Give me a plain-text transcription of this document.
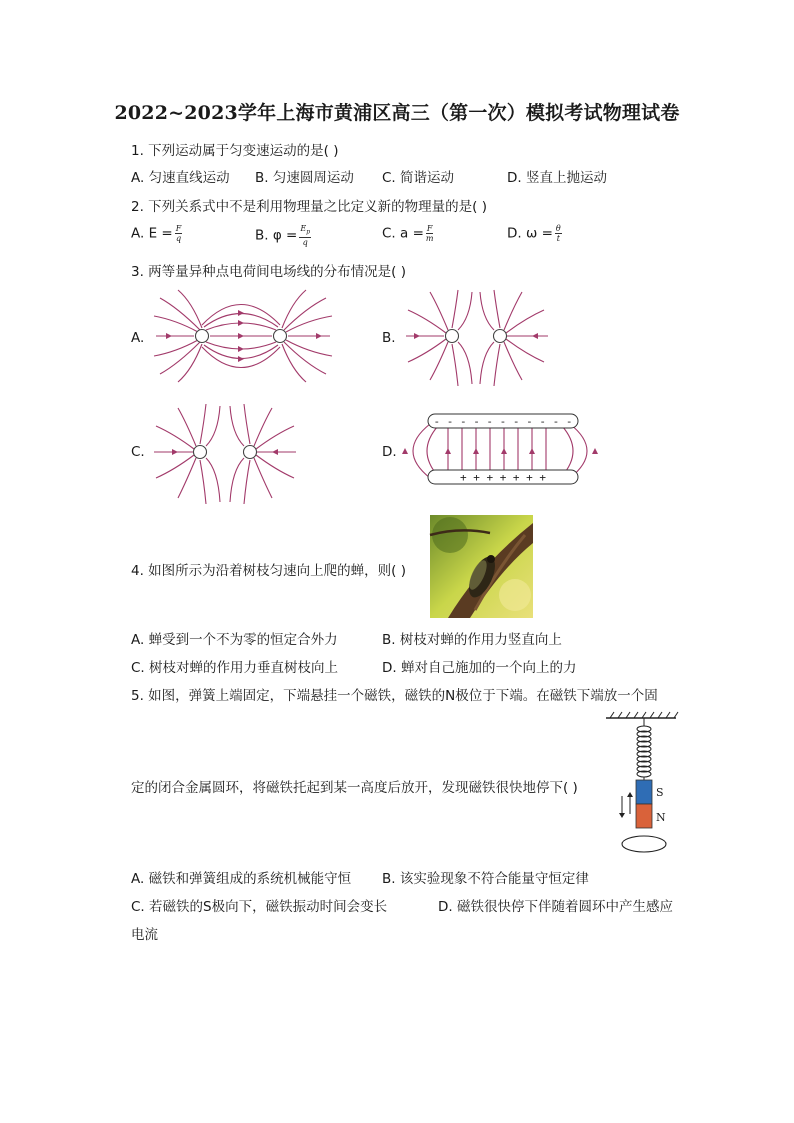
2022~2023学年上海市黄浦区高三（第一次）模拟考试物理试卷
1. 下列运动属于匀变速运动的是( )
A. 匀速直线运动 B. 匀速圆周运动 C. 简谐运动	D. 竖直上抛运动
2. 下列关系式中不是利用物理量之比定义新的物理量的是( )
A. $E = \frac{F}{q}$	B. $\varphi = \frac{E_p}{q}$	C. $a = \frac{F}{m}$	D. $\omega = \frac{\theta}{t}$
3. 两等量异种点电荷间电场线的分布情况是( )
A.	B.
C.	D.
- - - - - - - - - - -
+ + + + + + +
4. 如图所示为沿着树枝匀速向上爬的蝉，则( )
A. 蝉受到一个不为零的恒定合外力	B. 树枝对蝉的作用力竖直向上
C. 树枝对蝉的作用力垂直树枝向上	D. 蝉对自己施加的一个向上的力
5. 如图，弹簧上端固定，下端悬挂一个磁铁，磁铁的N极位于下端。在磁铁下端放一个固
定的闭合金属圆环，将磁铁托起到某一高度后放开，发现磁铁很快地停下( )	S
N
A. 磁铁和弹簧组成的系统机械能守恒 B. 该实验现象不符合能量守恒定律
C. 若磁铁的S极向下，磁铁振动时间会变长	D. 磁铁很快停下伴随着圆环中产生感应
电流
